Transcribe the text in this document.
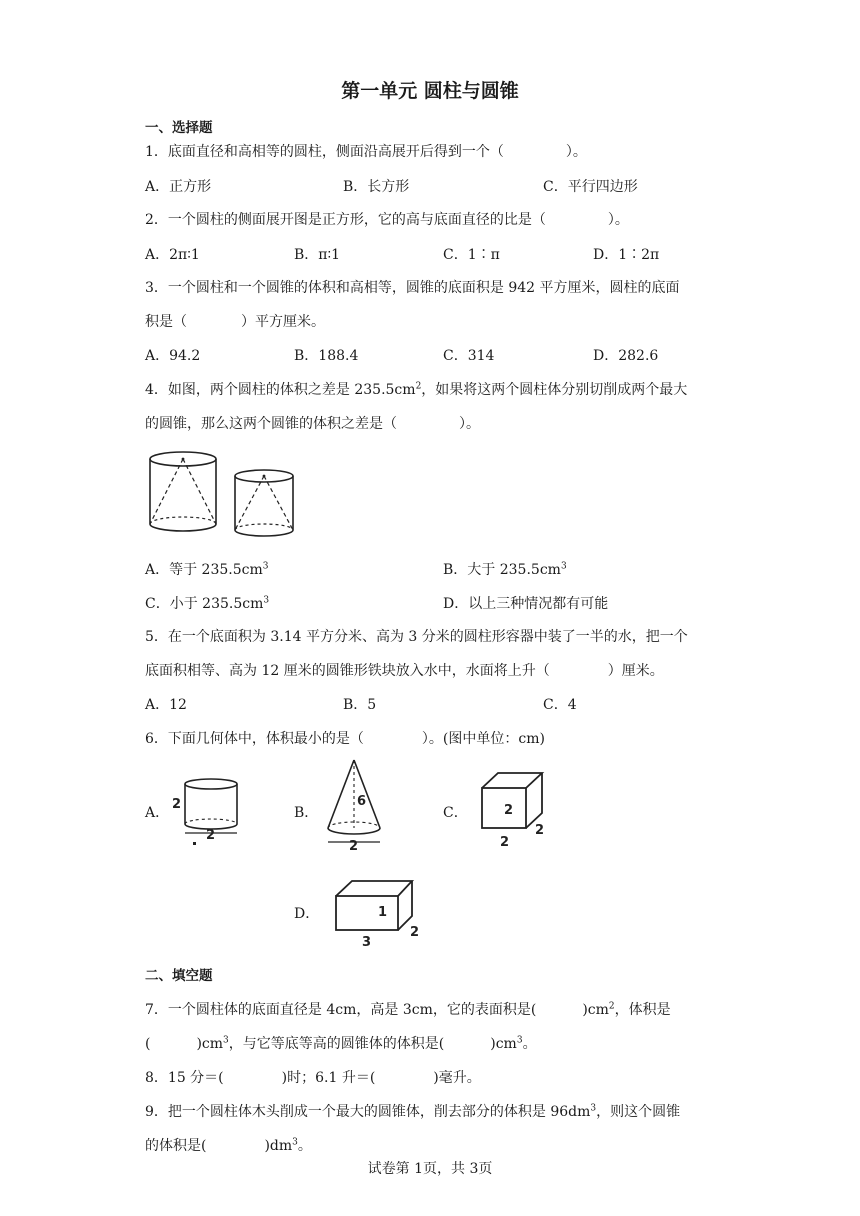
第一单元 圆柱与圆锥
一、选择题
1．底面直径和高相等的圆柱，侧面沿高展开后得到一个（	）。
A．正方形	B．长方形	C．平行四边形
2．一个圆柱的侧面展开图是正方形，它的高与底面直径的比是（	）。
A．2π∶1	B．π∶1	C．1∶π	D．1∶2π
3．一个圆柱和一个圆锥的体积和高相等，圆锥的底面积是 942 平方厘米，圆柱的底面
积是（	）平方厘米。
A．94.2	B．188.4	C．314	D．282.6
4．如图，两个圆柱的体积之差是 $235.5cm^2$，如果将这两个圆柱体分别切削成两个最大
的圆锥，那么这两个圆锥的体积之差是（	）。
A．等于 $235.5cm^3$	B．大于 $235.5cm^3$
C．小于 $235.5cm^3$	D．以上三种情况都有可能
5．在一个底面积为 3.14 平方分米、高为 3 分米的圆柱形容器中装了一半的水，把一个
底面积相等、高为 12 厘米的圆锥形铁块放入水中，水面将上升（	）厘米。
A．12	B．5	C．4
6．下面几何体中，体积最小的是（	）。(图中单位：cm)
A．
2
2
B．
6
2
C．	2
2
2
D．	1
3
2
二、填空题
7．一个圆柱体的底面直径是 4cm，高是 3cm，它的表面积是(	)$cm^2$，体积是
(	)$cm^3$，与它等底等高的圆锥体的体积是(	)$cm^3$。
8．15 分＝(	)时；6.1 升＝(	)毫升。
9．把一个圆柱体木头削成一个最大的圆锥体，削去部分的体积是 $96dm^3$，则这个圆锥
的体积是(	)$dm^3$。
试卷第 1页，共 3页
